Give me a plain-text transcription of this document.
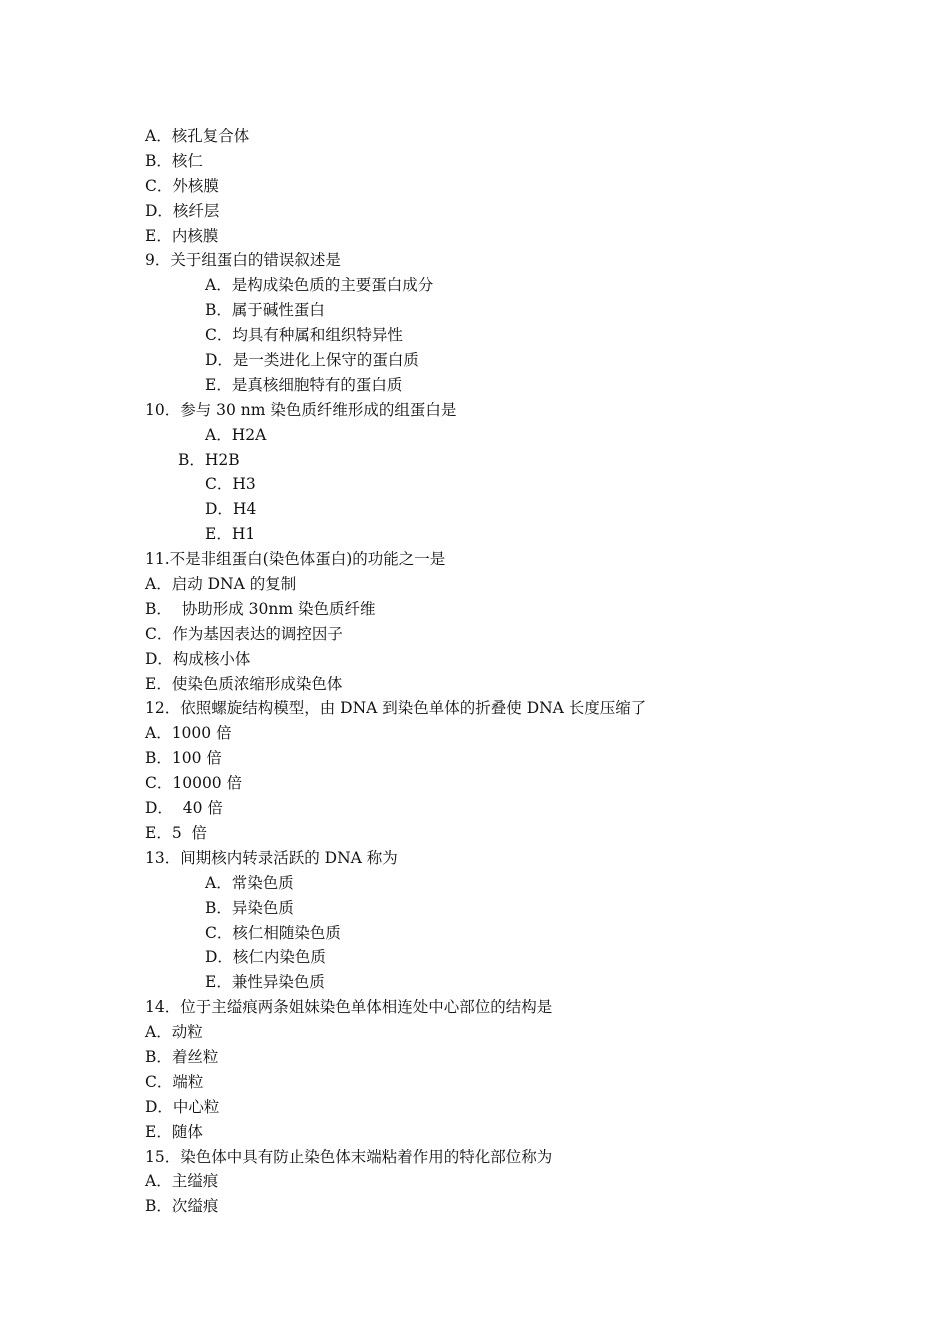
A．核孔复合体
B．核仁
C．外核膜
D．核纤层
E．内核膜
9．关于组蛋白的错误叙述是
A．是构成染色质的主要蛋白成分
B．属于碱性蛋白
C．均具有种属和组织特异性
D．是一类进化上保守的蛋白质
E．是真核细胞特有的蛋白质
10．参与 30 nm 染色质纤维形成的组蛋白是
A．H2A
B．H2B
C．H3
D．H4
E．H1
11.不是非组蛋白(染色体蛋白)的功能之一是
A．启动 DNA 的复制
B．  协助形成 30nm 染色质纤维
C．作为基因表达的调控因子
D．构成核小体
E．使染色质浓缩形成染色体
12．依照螺旋结构模型，由 DNA 到染色单体的折叠使 DNA 长度压缩了
A．1000 倍
B．100 倍
C．10000 倍
D．  40 倍
E．5  倍
13．间期核内转录活跃的 DNA 称为
A．常染色质
B．异染色质
C．核仁相随染色质
D．核仁内染色质
E．兼性异染色质
14．位于主缢痕两条姐妹染色单体相连处中心部位的结构是
A．动粒
B．着丝粒
C．端粒
D．中心粒
E．随体
15．染色体中具有防止染色体末端粘着作用的特化部位称为
A．主缢痕
B．次缢痕
